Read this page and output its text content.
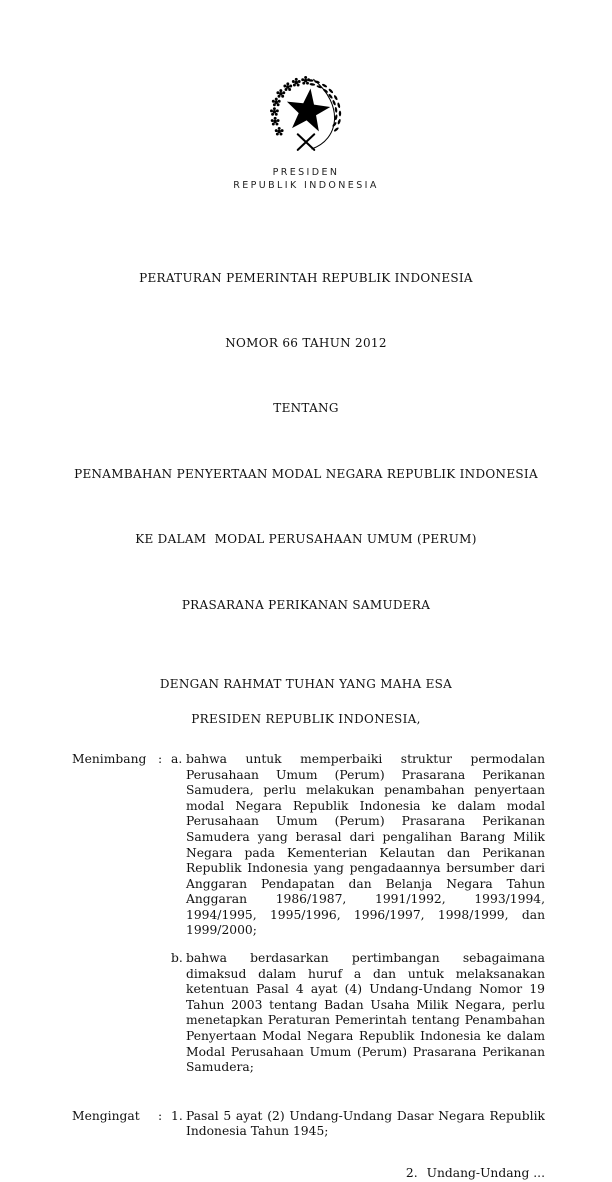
PRESIDEN
REPUBLIK INDONESIA

PERATURAN PEMERINTAH REPUBLIK INDONESIA

NOMOR 66 TAHUN 2012

TENTANG

PENAMBAHAN PENYERTAAN MODAL NEGARA REPUBLIK INDONESIA

KE DALAM  MODAL PERUSAHAAN UMUM (PERUM)

PRASARANA PERIKANAN SAMUDERA

DENGAN RAHMAT TUHAN YANG MAHA ESA
PRESIDEN REPUBLIK INDONESIA,
Menimbang : a. bahwa untuk memperbaiki struktur permodalan Perusahaan Umum (Perum) Prasarana Perikanan Samudera, perlu melakukan penambahan penyertaan modal Negara Republik Indonesia ke dalam modal Perusahaan Umum (Perum) Prasarana Perikanan Samudera yang berasal dari pengalihan Barang Milik Negara pada Kementerian Kelautan dan Perikanan Republik Indonesia yang pengadaannya bersumber dari Anggaran Pendapatan dan Belanja Negara Tahun Anggaran 1986/1987, 1991/1992, 1993/1994, 1994/1995, 1995/1996, 1996/1997, 1998/1999, dan 1999/2000;
b. bahwa berdasarkan pertimbangan sebagaimana dimaksud dalam huruf a dan untuk melaksanakan ketentuan Pasal 4 ayat (4) Undang-Undang Nomor 19 Tahun 2003 tentang Badan Usaha Milik Negara, perlu menetapkan Peraturan Pemerintah tentang Penambahan Penyertaan Modal Negara Republik Indonesia ke dalam Modal Perusahaan Umum (Perum) Prasarana Perikanan Samudera;
Mengingat	: 1. Pasal 5 ayat (2) Undang-Undang Dasar Negara Republik Indonesia Tahun 1945;
2. Undang-Undang ...
